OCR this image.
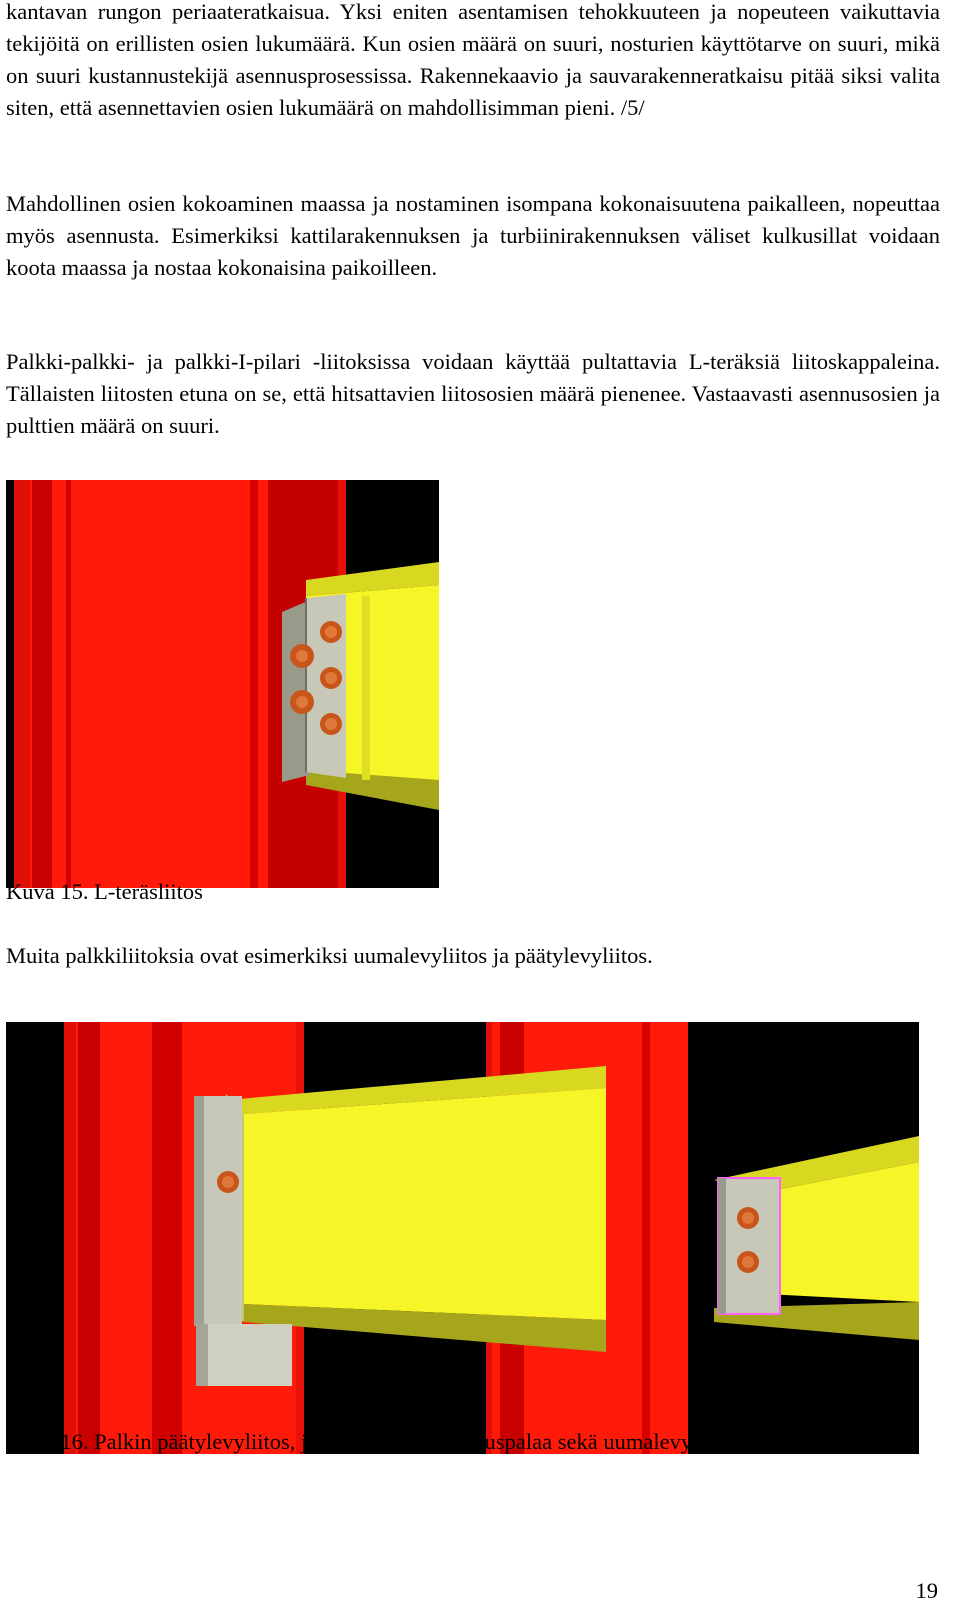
kantavan rungon periaateratkaisua. Yksi eniten asentamisen tehokkuuteen ja nopeuteen vaikuttavia tekijöitä on erillisten osien lukumäärä. Kun osien määrä on suuri, nosturien käyttötarve on suuri, mikä on suuri kustannustekijä asennusprosessissa. Rakennekaavio ja sauvarakenneratkaisu pitää siksi valita siten, että asennettavien osien lukumäärä on mahdollisimman pieni. /5/

Mahdollinen osien kokoaminen maassa ja nostaminen isompana kokonaisuutena paikalleen, nopeuttaa myös asennusta. Esimerkiksi kattilarakennuksen ja turbiinirakennuksen väliset kulkusillat voidaan koota maassa ja nostaa kokonaisina paikoilleen.

Palkki-palkki- ja palkki-I-pilari -liitoksissa voidaan käyttää pultattavia L-teräksiä liitoskappaleina. Tällaisten liitosten etuna on se, että hitsattavien liitososien määrä pienenee. Vastaavasti asennusosien ja pulttien määrä on suuri.

Kuva 15. L-teräsliitos

Muita palkkiliitoksia ovat esimerkiksi uumalevyliitos ja päätylevyliitos.

Kuva 16. Palkin päätylevyliitos, jossa käytetty leikkauspalaa sekä uumalevyliitos

19
